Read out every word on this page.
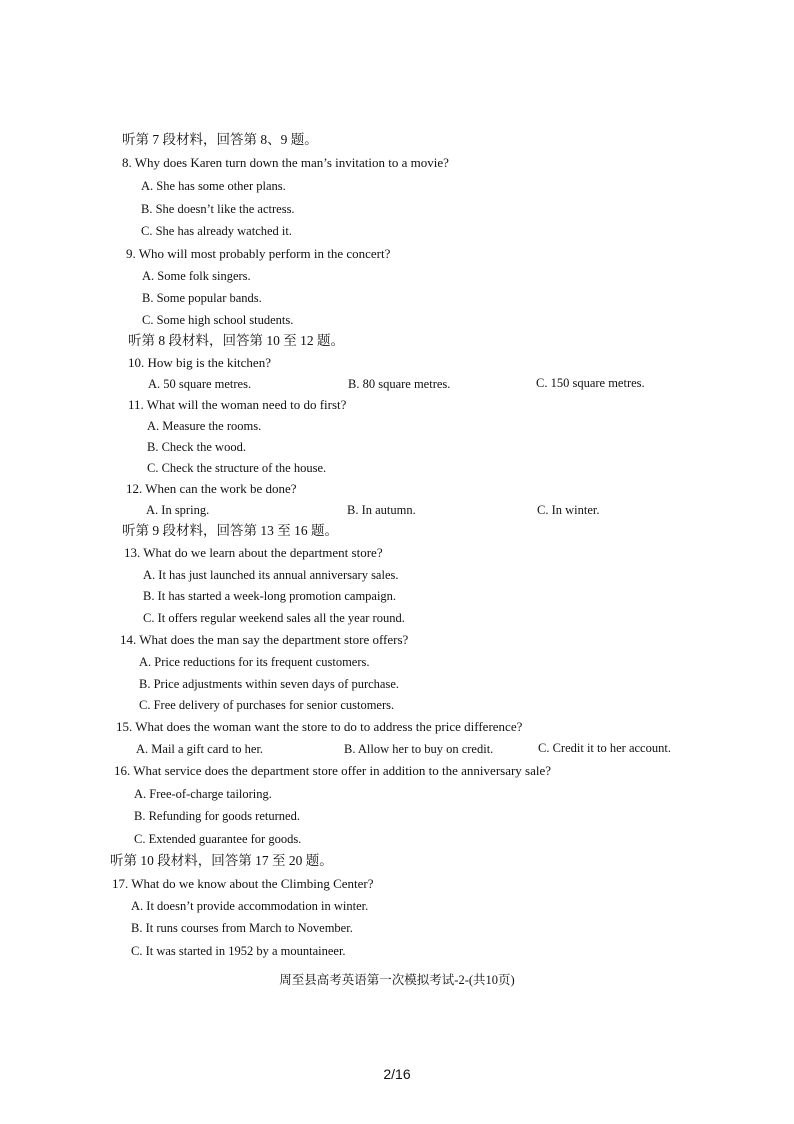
听第 7 段材料，回答第 8、9 题。
8. Why does Karen turn down the man’s invitation to a movie?
A. She has some other plans.
B. She doesn’t like the actress.
C. She has already watched it.
9. Who will most probably perform in the concert?
A. Some folk singers.
B. Some popular bands.
C. Some high school students.
听第 8 段材料，回答第 10 至 12 题。
10. How big is the kitchen?
A. 50 square metres.	B. 80 square metres.	C. 150 square metres.
11. What will the woman need to do first?
A. Measure the rooms.
B. Check the wood.
C. Check the structure of the house.
12. When can the work be done?
A. In spring.	B. In autumn.	C. In winter.
听第 9 段材料，回答第 13 至 16 题。
13. What do we learn about the department store?
A. It has just launched its annual anniversary sales.
B. It has started a week-long promotion campaign.
C. It offers regular weekend sales all the year round.
14. What does the man say the department store offers?
A. Price reductions for its frequent customers.
B. Price adjustments within seven days of purchase.
C. Free delivery of purchases for senior customers.
15. What does the woman want the store to do to address the price difference?
A. Mail a gift card to her.	B. Allow her to buy on credit.	C. Credit it to her account.
16. What service does the department store offer in addition to the anniversary sale?
A. Free-of-charge tailoring.
B. Refunding for goods returned.
C. Extended guarantee for goods.
听第 10 段材料，回答第 17 至 20 题。
17. What do we know about the Climbing Center?
A. It doesn’t provide accommodation in winter.
B. It runs courses from March to November.
C. It was started in 1952 by a mountaineer.
周至县高考英语第一次模拟考试-2-(共10页)
2/16
